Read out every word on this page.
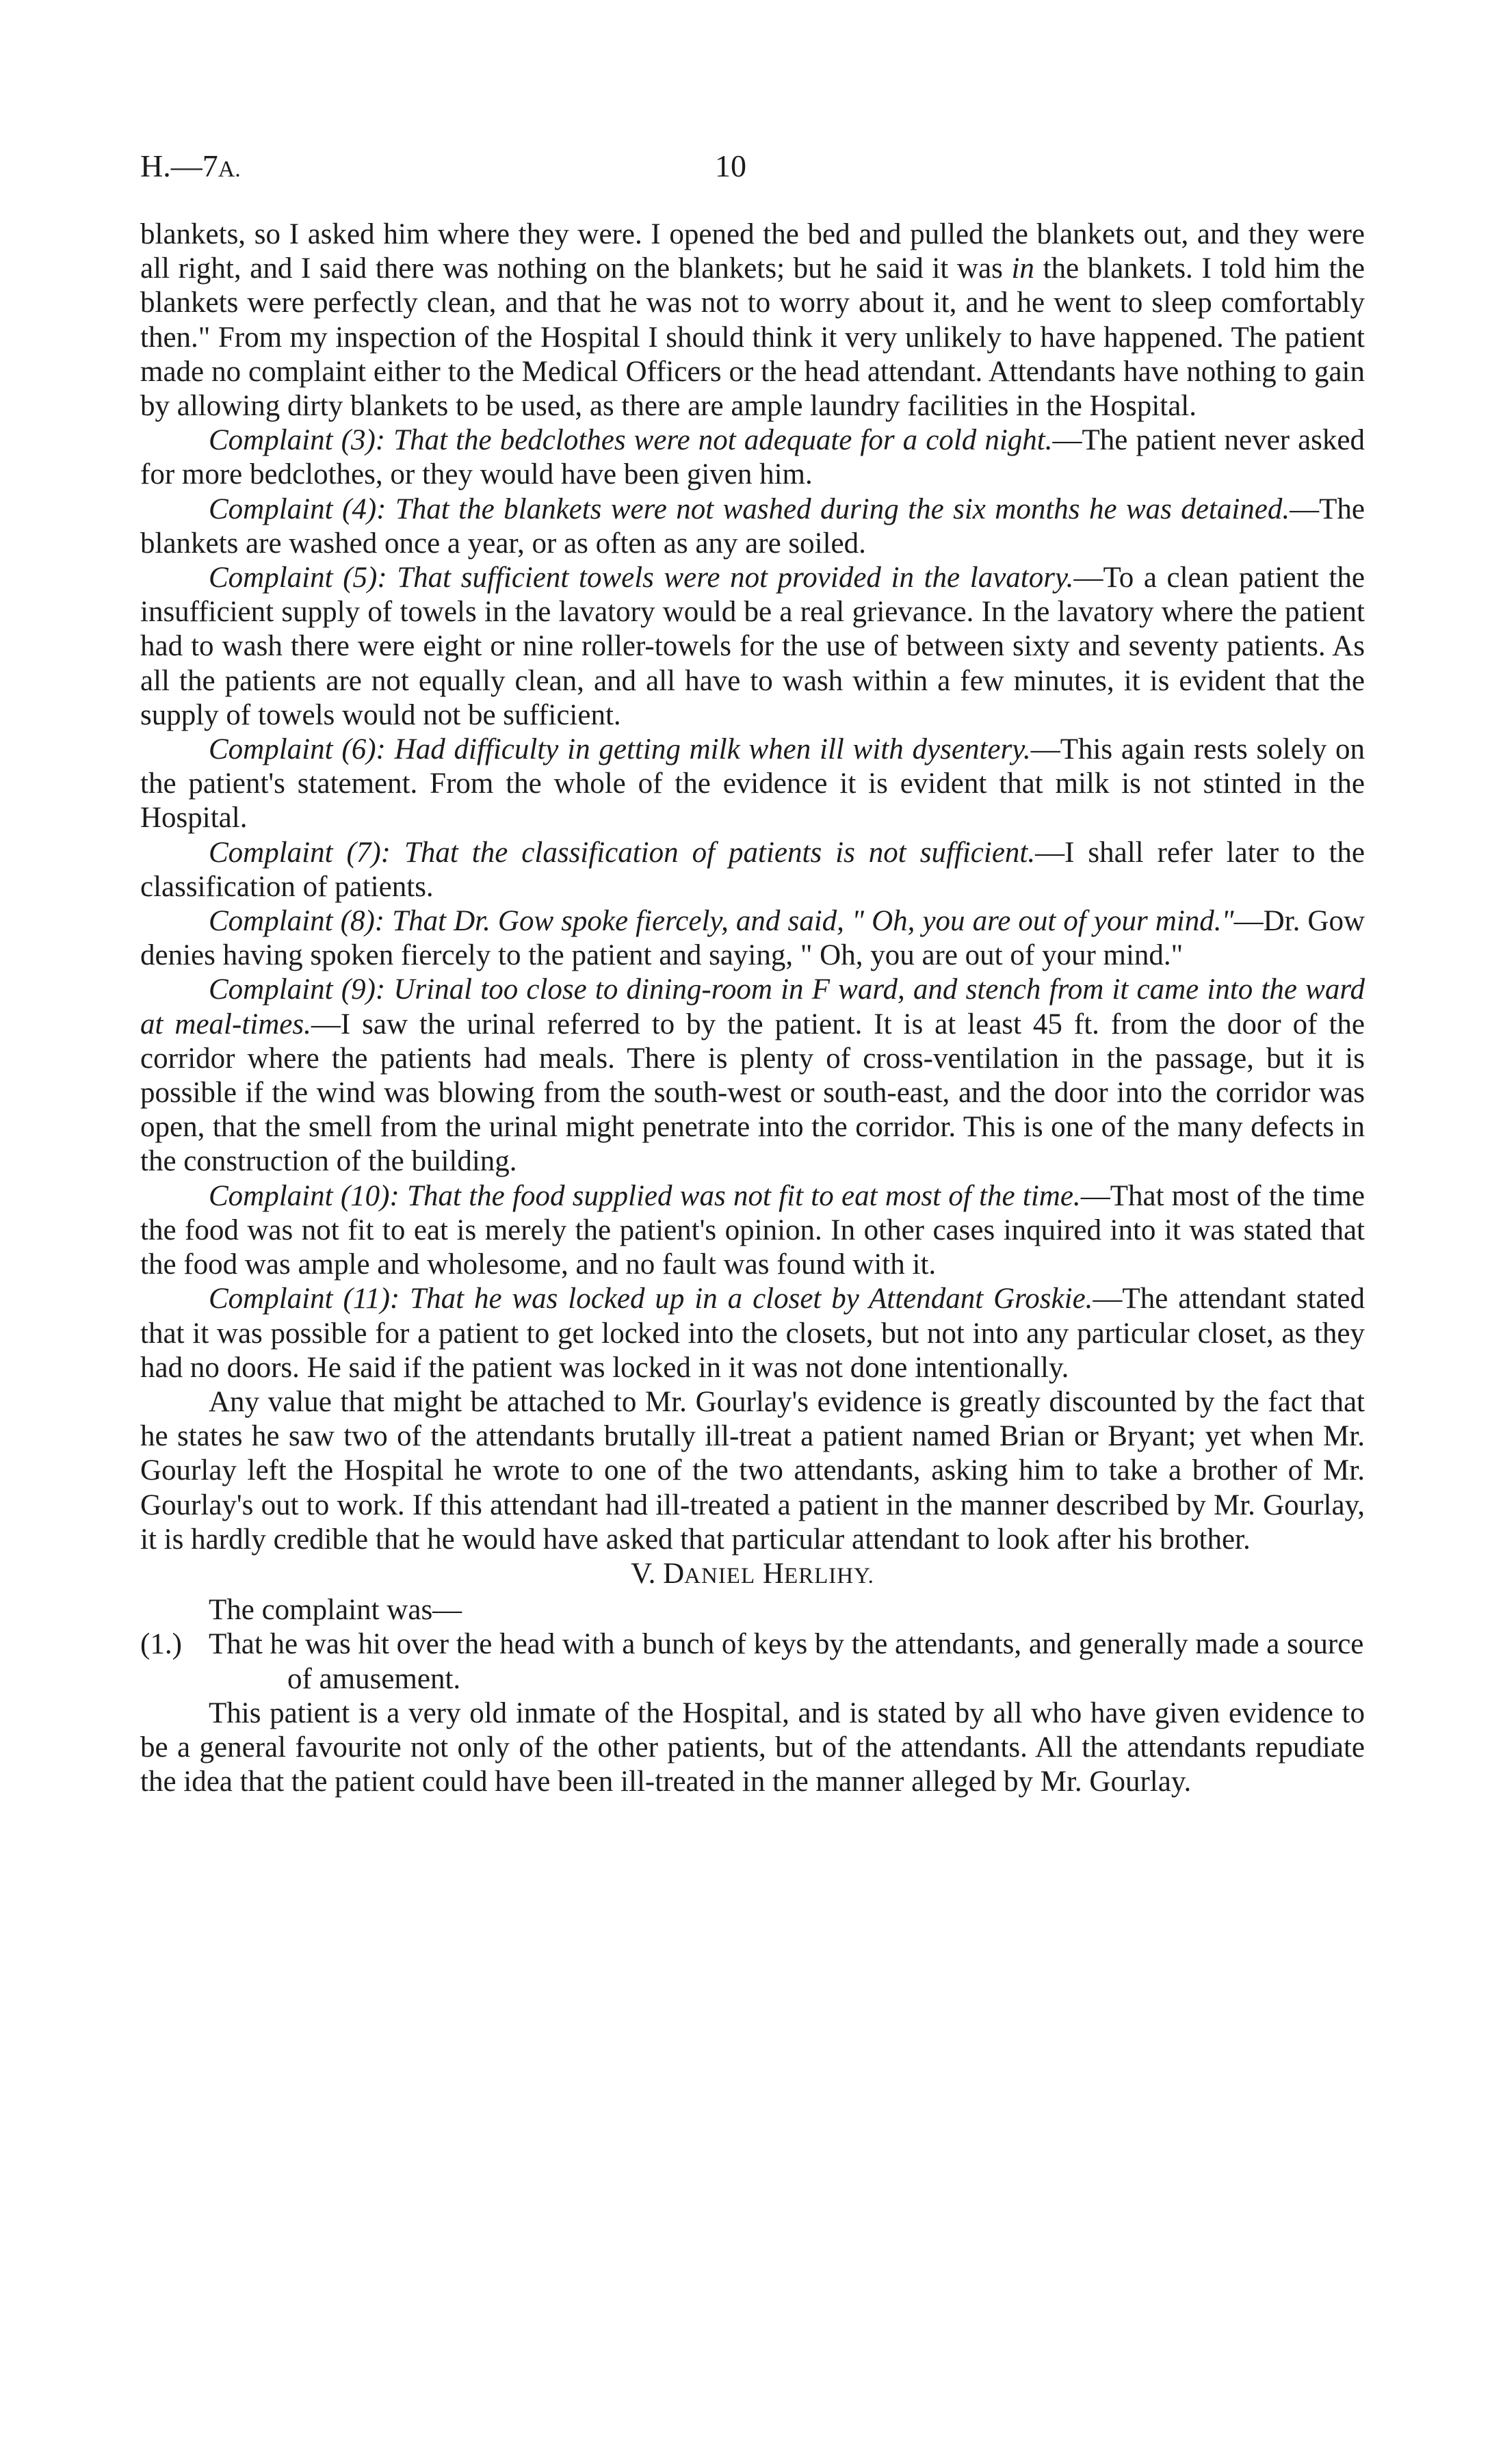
H.—7A.	10

blankets, so I asked him where they were. I opened the bed and pulled the blankets out, and they were all right, and I said there was nothing on the blankets; but he said it was in the blankets. I told him the blankets were perfectly clean, and that he was not to worry about it, and he went to sleep comfortably then." From my inspection of the Hospital I should think it very unlikely to have happened. The patient made no complaint either to the Medical Officers or the head attendant. Attendants have nothing to gain by allowing dirty blankets to be used, as there are ample laundry facilities in the Hospital.

Complaint (3): That the bedclothes were not adequate for a cold night.—The patient never asked for more bedclothes, or they would have been given him.

Complaint (4): That the blankets were not washed during the six months he was detained.—The blankets are washed once a year, or as often as any are soiled.

Complaint (5): That sufficient towels were not provided in the lavatory.—To a clean patient the insufficient supply of towels in the lavatory would be a real grievance. In the lavatory where the patient had to wash there were eight or nine roller-towels for the use of between sixty and seventy patients. As all the patients are not equally clean, and all have to wash within a few minutes, it is evident that the supply of towels would not be sufficient.

Complaint (6): Had difficulty in getting milk when ill with dysentery.—This again rests solely on the patient's statement. From the whole of the evidence it is evident that milk is not stinted in the Hospital.

Complaint (7): That the classification of patients is not sufficient.—I shall refer later to the classification of patients.

Complaint (8): That Dr. Gow spoke fiercely, and said, " Oh, you are out of your mind."—Dr. Gow denies having spoken fiercely to the patient and saying, " Oh, you are out of your mind."

Complaint (9): Urinal too close to dining-room in F ward, and stench from it came into the ward at meal-times.—I saw the urinal referred to by the patient. It is at least 45 ft. from the door of the corridor where the patients had meals. There is plenty of cross-ventilation in the passage, but it is possible if the wind was blowing from the south-west or south-east, and the door into the corridor was open, that the smell from the urinal might penetrate into the corridor. This is one of the many defects in the construction of the building.

Complaint (10): That the food supplied was not fit to eat most of the time.—That most of the time the food was not fit to eat is merely the patient's opinion. In other cases inquired into it was stated that the food was ample and wholesome, and no fault was found with it.

Complaint (11): That he was locked up in a closet by Attendant Groskie.—The attendant stated that it was possible for a patient to get locked into the closets, but not into any particular closet, as they had no doors. He said if the patient was locked in it was not done intentionally.

Any value that might be attached to Mr. Gourlay's evidence is greatly discounted by the fact that he states he saw two of the attendants brutally ill-treat a patient named Brian or Bryant; yet when Mr. Gourlay left the Hospital he wrote to one of the two attendants, asking him to take a brother of Mr. Gourlay's out to work. If this attendant had ill-treated a patient in the manner described by Mr. Gourlay, it is hardly credible that he would have asked that particular attendant to look after his brother.

V. DANIEL HERLIHY.

The complaint was—

(1.) That he was hit over the head with a bunch of keys by the attendants, and generally made a source of amusement.

This patient is a very old inmate of the Hospital, and is stated by all who have given evidence to be a general favourite not only of the other patients, but of the attendants. All the attendants repudiate the idea that the patient could have been ill-treated in the manner alleged by Mr. Gourlay.
